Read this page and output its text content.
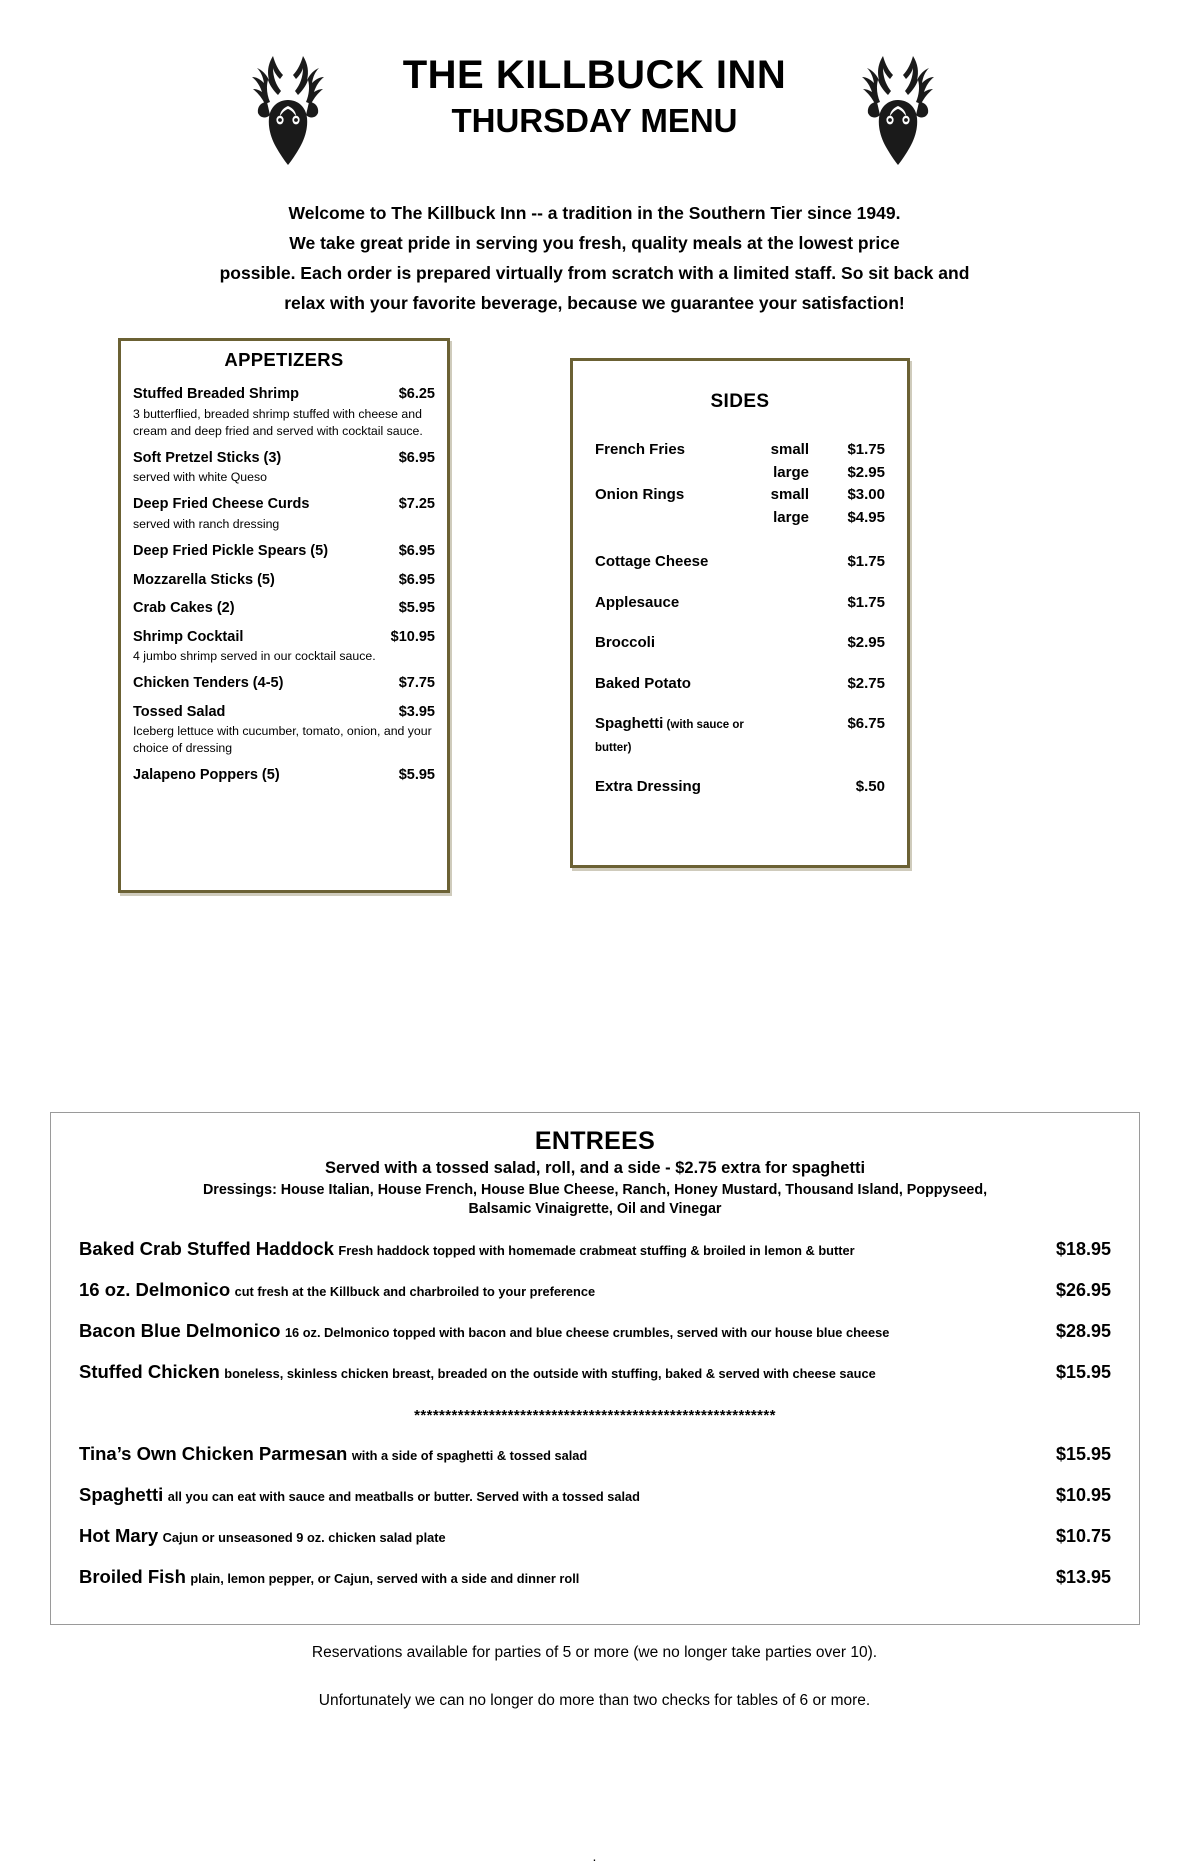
THE KILLBUCK INN
THURSDAY MENU
Welcome to The Killbuck Inn -- a tradition in the Southern Tier since 1949.
We take great pride in serving you fresh, quality meals at the lowest price
possible. Each order is prepared virtually from scratch with a limited staff. So sit back and
relax with your favorite beverage, because we guarantee your satisfaction!
APPETIZERS
Stuffed Breaded Shrimp	$6.25
3 butterflied, breaded shrimp stuffed with cheese and cream and deep fried and served with cocktail sauce.
Soft Pretzel Sticks (3)	$6.95
served with white Queso
Deep Fried Cheese Curds	$7.25
served with ranch dressing
Deep Fried Pickle Spears (5)	$6.95
Mozzarella Sticks (5)	$6.95
Crab Cakes (2)	$5.95
Shrimp Cocktail	$10.95
4 jumbo shrimp served in our cocktail sauce.
Chicken Tenders (4-5)	$7.75
Tossed Salad	$3.95
Iceberg lettuce with cucumber, tomato, onion, and your choice of dressing
Jalapeno Poppers (5)	$5.95
SIDES
French Fries	small	$1.75
large	$2.95
Onion Rings	small	$3.00
large	$4.95
Cottage Cheese	$1.75
Applesauce	$1.75
Broccoli	$2.95
Baked Potato	$2.75
Spaghetti (with sauce or butter)
$6.75
Extra Dressing	$.50
ENTREES
Served with a tossed salad, roll, and a side - $2.75 extra for spaghetti
Dressings: House Italian, House French, House Blue Cheese, Ranch, Honey Mustard, Thousand Island, Poppyseed,
Balsamic Vinaigrette, Oil and Vinegar
Baked Crab Stuffed Haddock Fresh haddock topped with homemade crabmeat stuffing & broiled in lemon & butter	$18.95
16 oz. Delmonico cut fresh at the Killbuck and charbroiled to your preference	$26.95
Bacon Blue Delmonico 16 oz. Delmonico topped with bacon and blue cheese crumbles, served with our house blue cheese	$28.95
Stuffed Chicken boneless, skinless chicken breast, breaded on the outside with stuffing, baked & served with cheese sauce	$15.95
**********************************************************
Tina’s Own Chicken Parmesan with a side of spaghetti & tossed salad	$15.95
Spaghetti all you can eat with sauce and meatballs or butter. Served with a tossed salad	$10.95
Hot Mary Cajun or unseasoned 9 oz. chicken salad plate	$10.75
Broiled Fish plain, lemon pepper, or Cajun, served with a side and dinner roll	$13.95
Reservations available for parties of 5 or more (we no longer take parties over 10).
Unfortunately we can no longer do more than two checks for tables of 6 or more.
.
